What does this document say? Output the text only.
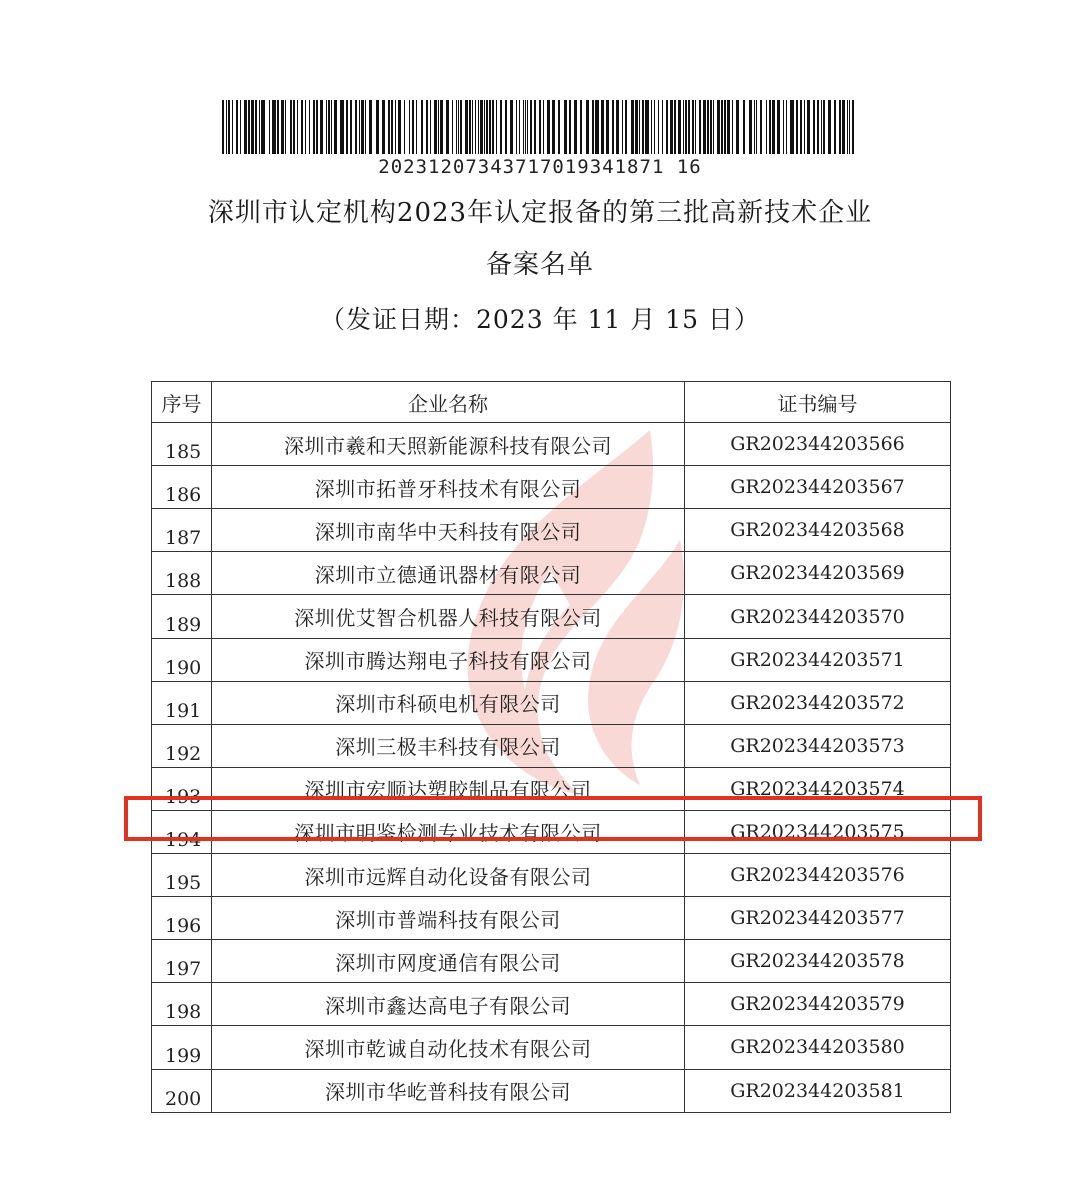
20231207343717019341871 16
深圳市认定机构2023年认定报备的第三批高新技术企业
备案名单
（发证日期：2023 年 11 月 15 日）
序号	企业名称	证书编号
185	深圳市羲和天照新能源科技有限公司	GR202344203566
186	深圳市拓普牙科技术有限公司	GR202344203567
187	深圳市南华中天科技有限公司	GR202344203568
188	深圳市立德通讯器材有限公司	GR202344203569
189	深圳优艾智合机器人科技有限公司	GR202344203570
190	深圳市腾达翔电子科技有限公司	GR202344203571
191	深圳市科硕电机有限公司	GR202344203572
192	深圳三极丰科技有限公司	GR202344203573
193	深圳市宏顺达塑胶制品有限公司	GR202344203574
194	深圳市明鉴检测专业技术有限公司	GR202344203575
195	深圳市远辉自动化设备有限公司	GR202344203576
196	深圳市普端科技有限公司	GR202344203577
197	深圳市网度通信有限公司	GR202344203578
198	深圳市鑫达高电子有限公司	GR202344203579
199	深圳市乾诚自动化技术有限公司	GR202344203580
200	深圳市华屹普科技有限公司	GR202344203581
